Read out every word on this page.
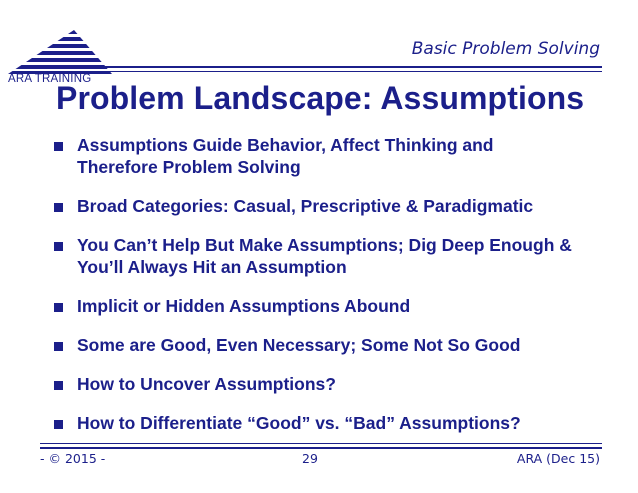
ARA TRAINING
Basic Problem Solving
Problem Landscape: Assumptions
Assumptions Guide Behavior, Affect Thinking and Therefore Problem Solving
Broad Categories: Casual, Prescriptive & Paradigmatic
You Can’t Help But Make Assumptions; Dig Deep Enough & You’ll Always Hit an Assumption
Implicit or Hidden Assumptions Abound
Some are Good, Even Necessary; Some Not So Good
How to Uncover Assumptions?
How to Differentiate “Good” vs. “Bad” Assumptions?
- © 2015 -	29	ARA (Dec 15)
